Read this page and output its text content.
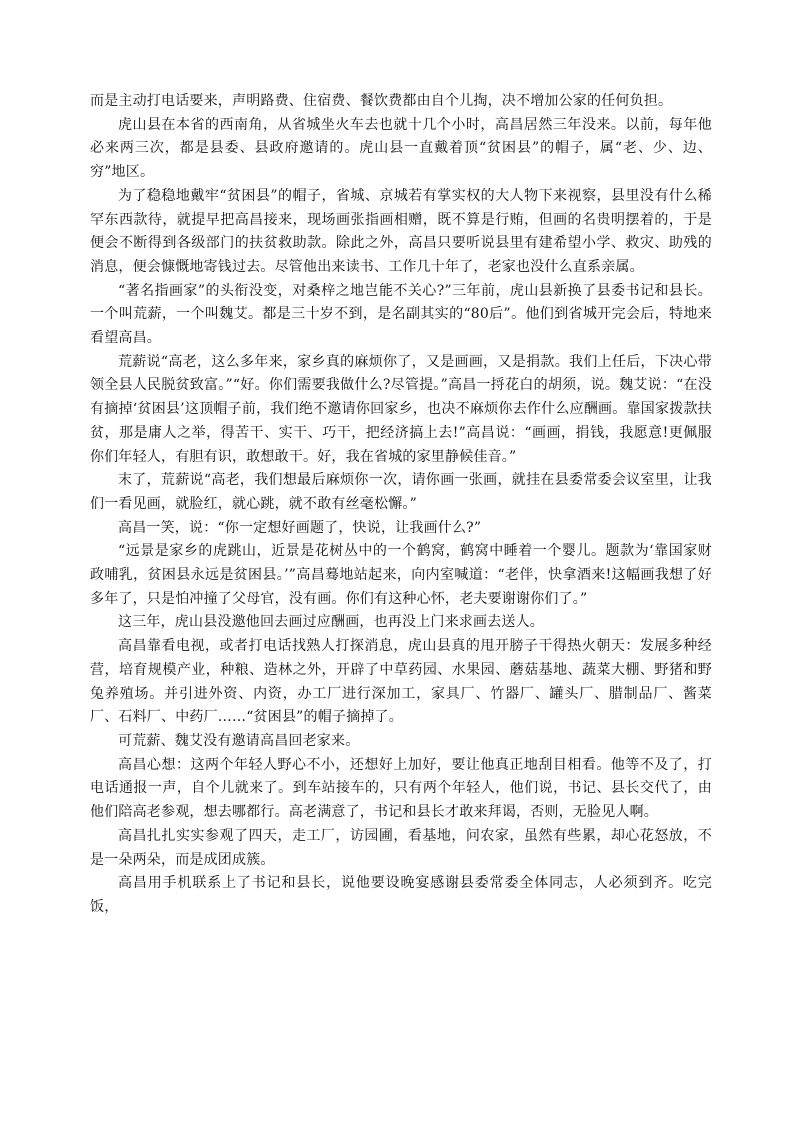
而是主动打电话要来，声明路费、住宿费、餐饮费都由自个儿掏，决不增加公家的任何负担。

虎山县在本省的西南角，从省城坐火车去也就十几个小时，高昌居然三年没来。以前，每年他必来两三次，都是县委、县政府邀请的。虎山县一直戴着顶“贫困县”的帽子，属“老、少、边、穷”地区。

为了稳稳地戴牢“贫困县”的帽子，省城、京城若有掌实权的大人物下来视察，县里没有什么稀罕东西款待，就提早把高昌接来，现场画张指画相赠，既不算是行贿，但画的名贵明摆着的，于是便会不断得到各级部门的扶贫救助款。除此之外，高昌只要听说县里有建希望小学、救灾、助残的消息，便会慷慨地寄钱过去。尽管他出来读书、工作几十年了，老家也没什么直系亲属。

“著名指画家”的头衔没变，对桑梓之地岂能不关心?”三年前，虎山县新换了县委书记和县长。一个叫荒薪，一个叫魏艾。都是三十岁不到，是名副其实的“80后”。他们到省城开完会后，特地来看望高昌。

荒薪说“高老，这么多年来，家乡真的麻烦你了，又是画画，又是捐款。我们上任后，下决心带领全县人民脱贫致富。”“好。你们需要我做什么?尽管提。”高昌一捋花白的胡须，说。魏艾说：“在没有摘掉‘贫困县’这顶帽子前，我们绝不邀请你回家乡，也决不麻烦你去作什么应酬画。靠国家拨款扶贫，那是庸人之举，得苦干、实干、巧干，把经济搞上去!”高昌说：“画画，捐钱，我愿意!更佩服你们年轻人，有胆有识，敢想敢干。好，我在省城的家里静候佳音。”

末了，荒薪说“高老，我们想最后麻烦你一次，请你画一张画，就挂在县委常委会议室里，让我们一看见画，就脸红，就心跳，就不敢有丝毫松懈。”

高昌一笑，说：“你一定想好画题了，快说，让我画什么?”

“远景是家乡的虎跳山，近景是花树丛中的一个鹤窝，鹤窝中睡着一个婴儿。题款为‘靠国家财政哺乳，贫困县永远是贫困县。’”高昌蓦地站起来，向内室喊道：“老伴，快拿酒来!这幅画我想了好多年了，只是怕冲撞了父母官，没有画。你们有这种心怀，老夫要谢谢你们了。”

这三年，虎山县没邀他回去画过应酬画，也再没上门来求画去送人。

高昌靠看电视，或者打电话找熟人打探消息，虎山县真的甩开膀子干得热火朝天：发展多种经营，培育规模产业，种粮、造林之外，开辟了中草药园、水果园、蘑菇基地、蔬菜大棚、野猪和野兔养殖场。并引进外资、内资，办工厂进行深加工，家具厂、竹器厂、罐头厂、腊制品厂、酱菜厂、石料厂、中药厂……“贫困县”的帽子摘掉了。

可荒薪、魏艾没有邀请高昌回老家来。

高昌心想：这两个年轻人野心不小，还想好上加好，要让他真正地刮目相看。他等不及了，打电话通报一声，自个儿就来了。到车站接车的，只有两个年轻人，他们说，书记、县长交代了，由他们陪高老参观，想去哪都行。高老满意了，书记和县长才敢来拜谒，否则，无脸见人啊。

高昌扎扎实实参观了四天，走工厂，访园圃，看基地，问农家，虽然有些累，却心花怒放，不是一朵两朵，而是成团成簇。

高昌用手机联系上了书记和县长，说他要设晚宴感谢县委常委全体同志，人必须到齐。吃完饭，
